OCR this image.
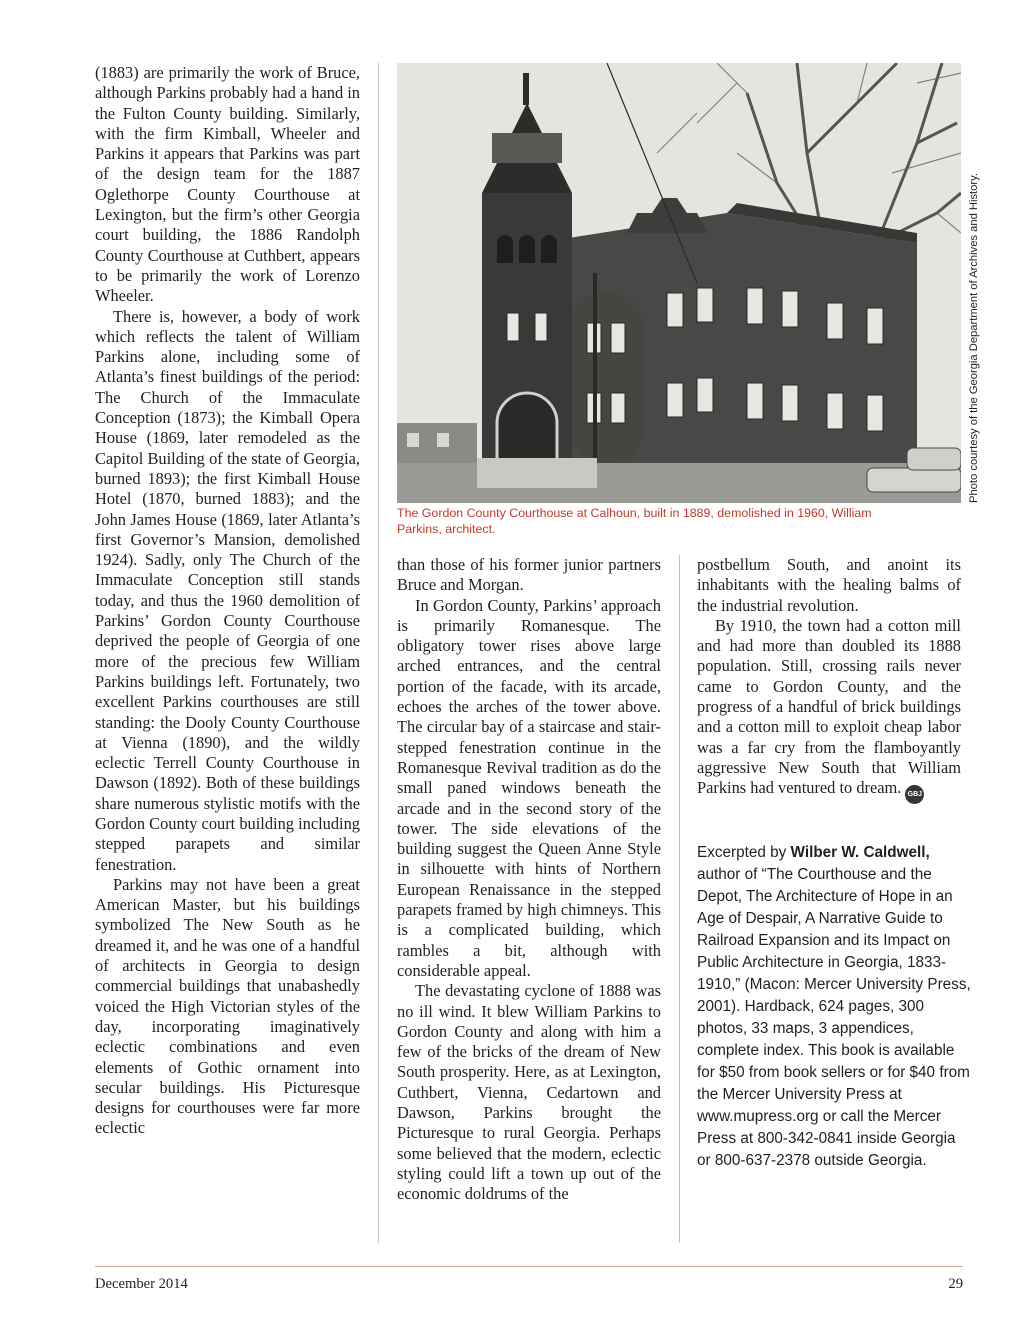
(1883) are primarily the work of Bruce, although Parkins probably had a hand in the Fulton County building. Similarly, with the firm Kimball, Wheeler and Parkins it appears that Parkins was part of the design team for the 1887 Oglethorpe County Courthouse at Lexington, but the firm’s other Georgia court building, the 1886 Randolph County Courthouse at Cuthbert, appears to be primarily the work of Lorenzo Wheeler.

There is, however, a body of work which reflects the talent of William Parkins alone, including some of Atlanta’s finest buildings of the period: The Church of the Immaculate Conception (1873); the Kimball Opera House (1869, later remodeled as the Capitol Building of the state of Georgia, burned 1893); the first Kimball House Hotel (1870, burned 1883); and the John James House (1869, later Atlanta’s first Governor’s Mansion, demolished 1924). Sadly, only The Church of the Immaculate Conception still stands today, and thus the 1960 demolition of Parkins’ Gordon County Courthouse deprived the people of Georgia of one more of the precious few William Parkins buildings left. Fortunately, two excellent Parkins courthouses are still standing: the Dooly County Courthouse at Vienna (1890), and the wildly eclectic Terrell County Courthouse in Dawson (1892). Both of these buildings share numerous stylistic motifs with the Gordon County court building including stepped parapets and similar fenestration.

Parkins may not have been a great American Master, but his buildings symbolized The New South as he dreamed it, and he was one of a handful of architects in Georgia to design commercial buildings that unabashedly voiced the High Victorian styles of the day, incorporating imaginatively eclectic combinations and even elements of Gothic ornament into secular buildings. His Picturesque designs for courthouses were far more eclectic

Photo courtesy of the Georgia Department of Archives and History.
The Gordon County Courthouse at Calhoun, built in 1889, demolished in 1960, William Parkins, architect.

than those of his former junior partners Bruce and Morgan.

In Gordon County, Parkins’ approach is primarily Romanesque. The obligatory tower rises above large arched entrances, and the central portion of the facade, with its arcade, echoes the arches of the tower above. The circular bay of a staircase and stair-stepped fenestration continue in the Romanesque Revival tradition as do the small paned windows beneath the arcade and in the second story of the tower. The side elevations of the building suggest the Queen Anne Style in silhouette with hints of Northern European Renaissance in the stepped parapets framed by high chimneys. This is a complicated building, which rambles a bit, although with considerable appeal.

The devastating cyclone of 1888 was no ill wind. It blew William Parkins to Gordon County and along with him a few of the bricks of the dream of New South prosperity. Here, as at Lexington, Cuthbert, Vienna, Cedartown and Dawson, Parkins brought the Picturesque to rural Georgia. Perhaps some believed that the modern, eclectic styling could lift a town up out of the economic doldrums of the

postbellum South, and anoint its inhabitants with the healing balms of the industrial revolution.

By 1910, the town had a cotton mill and had more than doubled its 1888 population. Still, crossing rails never came to Gordon County, and the progress of a handful of brick buildings and a cotton mill to exploit cheap labor was a far cry from the flamboyantly aggressive New South that William Parkins had ventured to dream. GBJ

Excerpted by Wilber W. Caldwell, author of “The Courthouse and the Depot, The Architecture of Hope in an Age of Despair, A Narrative Guide to Railroad Expansion and its Impact on Public Architecture in Georgia, 1833-1910,” (Macon: Mercer University Press, 2001). Hardback, 624 pages, 300 photos, 33 maps, 3 appendices, complete index. This book is available for $50 from book sellers or for $40 from the Mercer University Press at www.mupress.org or call the Mercer Press at 800-342-0841 inside Georgia or 800-637-2378 outside Georgia.
December 2014	29
